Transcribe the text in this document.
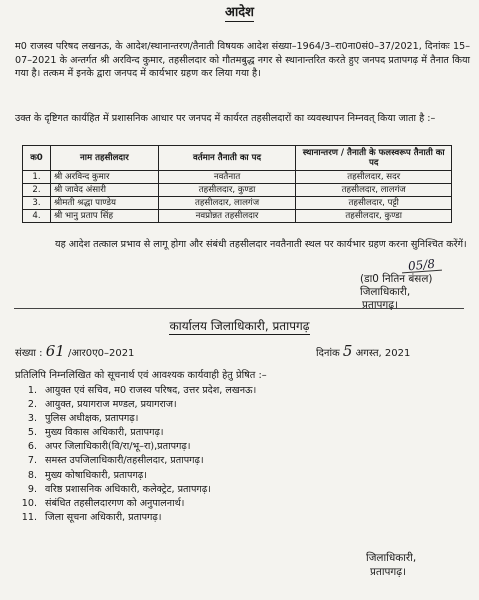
आदेश
म0 राजस्व परिषद लखनऊ, के आदेश/स्थानान्तरण/तैनाती विषयक आदेश संख्या–1964/3–रा0ना0सं0–37/2021, दिनांकः 15–07–2021 के अन्तर्गत श्री अरविन्द कुमार, तहसीलदार को गौतमबुद्ध नगर से स्थानान्तरित करते हुए जनपद प्रतापगढ़ में तैनात किया गया है। तत्कम में इनके द्वारा जनपद में कार्यभार ग्रहण कर लिया गया है।
उक्त के दृष्टिगत कार्यहित में प्रशासनिक आधार पर जनपद में कार्यरत तहसीलदारों का व्यवस्थापन निम्नवत् किया जाता है :–
क0	नाम तहसीलदार	वर्तमान तैनाती का पद	स्थानान्तरण / तैनाती के फलस्वरूप तैनाती का पद
1.	श्री अरविन्द कुमार	नवतैनात	तहसीलदार, सदर
2.	श्री जावेद अंसारी	तहसीलदार, कुण्डा	तहसीलदार, लालगंज
3.	श्रीमती श्रद्धा पाण्डेय	तहसीलदार, लालगंज	तहसीलदार, पट्टी
4.	श्री भानु प्रताप सिंह	नवप्रोन्नत तहसीलदार	तहसीलदार, कुण्डा
यह आदेश तत्काल प्रभाव से लागू होगा और संबंधी तहसीलदार नवतैनाती स्थल पर कार्यभार ग्रहण करना सुनिश्चित करेंगें।
05/8
(डा0 नितिन बंसल)
जिलाधिकारी,
प्रतापगढ़।
कार्यालय जिलाधिकारी, प्रतापगढ़
संख्या : 61 /आर0ए0–2021	दिनांक 5 अगस्त, 2021
प्रतिलिपि निम्नलिखित को सूचनार्थ एवं आवश्यक कार्यवाही हेतु प्रेषित :–
1. आयुक्त एवं सचिव, म0 राजस्व परिषद, उत्तर प्रदेश, लखनऊ।
2. आयुक्त, प्रयागराज मण्डल, प्रयागराज।
3. पुलिस अधीक्षक, प्रतापगढ़।
5. मुख्य विकास अधिकारी, प्रतापगढ़।
6. अपर जिलाधिकारी(वि/रा/भू–रा),प्रतापगढ़।
7. समस्त उपजिलाधिकारी/तहसीलदार, प्रतापगढ़।
8. मुख्य कोषाधिकारी, प्रतापगढ़।
9. वरिष्ठ प्रशासनिक अधिकारी, कलेक्ट्रेट, प्रतापगढ़।
10. संबंधित तहसीलदारगण को अनुपालनार्थ।
11. जिला सूचना अधिकारी, प्रतापगढ़।
जिलाधिकारी,
प्रतापगढ़।
